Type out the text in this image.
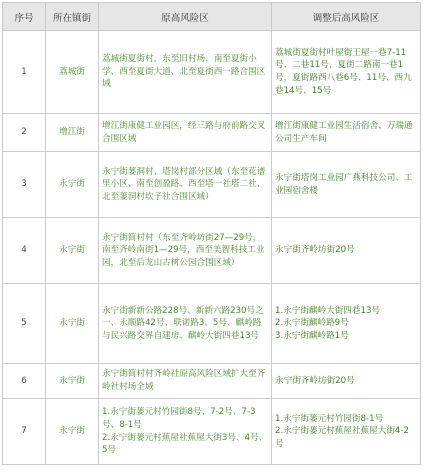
序号	所在镇街	原高风险区	调整后高风险区
1	荔城街	荔城街夏街村，东至旧村场、南至夏街小学、西至夏街大道、北至夏街西一路合围区域	荔城街夏街村叶屋街王屋一巷7-11号、二巷11号，夏街二路南一巷1号，夏街路西八巷6号、11号、西九巷14号、15号
2	增江街	增江街康健工业园区，经三路与府前路交叉合围区域	增江街康健工业园生活宿舍、万瑞通公司生产车间
3	永宁街	永宁街蒌洞村、塔岗村部分区域（东至花谱里小区、南至创盈路、西至塔一社塔二社、北至蒌洞村坎子社合围区域）	永宁街塔岗工业园广燕科技公司、工业园宿舍楼
4	永宁街	永宁街简村村（东至齐岭坊街27—29号，南至齐岭南街1—29号，西至美智科技工业园，北至后龙山古树公园合围区域）	永宁街齐岭坊街20号
5	永宁街	永宁街新新公路228号、新新六路230号之一、永顺路42号、联诺路3、5号、麒岭路与民兴路交界自建房、麒岭大街四巷13号	1.永宁街麒岭大街四巷13号
2.永宁街麒岭路9号
3.永宁街麒岭路1号
6	永宁街	永宁街简村村齐岭社原高风险区域扩大至齐岭社村场全域	永宁街齐岭坊街20号
7	永宁街	1.永宁街蒌元村竹园街8号、7-2号、7-3号、8-1号
2.永宁街蒌元村蕉屋社蕉屋大街3号、4号、5号	1.永宁街蒌元村竹园街8-1号
2.永宁街蒌元村蕉屋社蕉屋大街4-2号
